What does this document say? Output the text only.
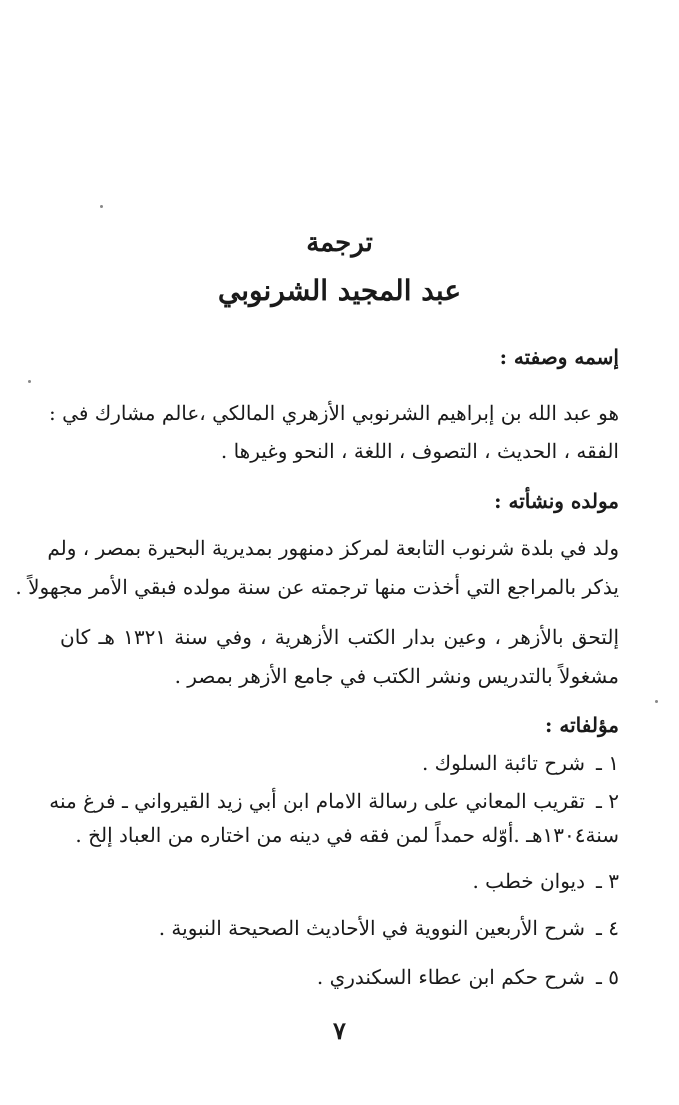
ترجمة
عبد المجيد الشرنوبي
إسمه وصفته :
هو عبد الله بن إبراهيم الشرنوبي الأزهري المالكي ،عالم مشارك في :
الفقه ، الحديث ، التصوف ، اللغة ، النحو وغيرها .
مولده ونشأته :
ولد في بلدة شرنوب التابعة لمركز دمنهور بمديرية البحيرة بمصر ، ولم
يذكر بالمراجع التي أخذت منها ترجمته عن سنة مولده فبقي الأمر مجهولاً .
إلتحق بالأزهر ، وعين بدار الكتب الأزهرية ، وفي سنة ١٣٢١ هـ كان
مشغولاً بالتدريس ونشر الكتب في جامع الأزهر بمصر .
مؤلفاته :
١ ـشرح تائبة السلوك .
٢ ـتقريب المعاني على رسالة الامام ابن أبي زيد القيرواني ـ فرغ منه
سنة١٣٠٤هـ .أوّله حمداً لمن فقه في دينه من اختاره من العباد إلخ .
٣ ـديوان خطب .
٤ ـشرح الأربعين النووية في الأحاديث الصحيحة النبوية .
٥ ـشرح حكم ابن عطاء السكندري .
٧
